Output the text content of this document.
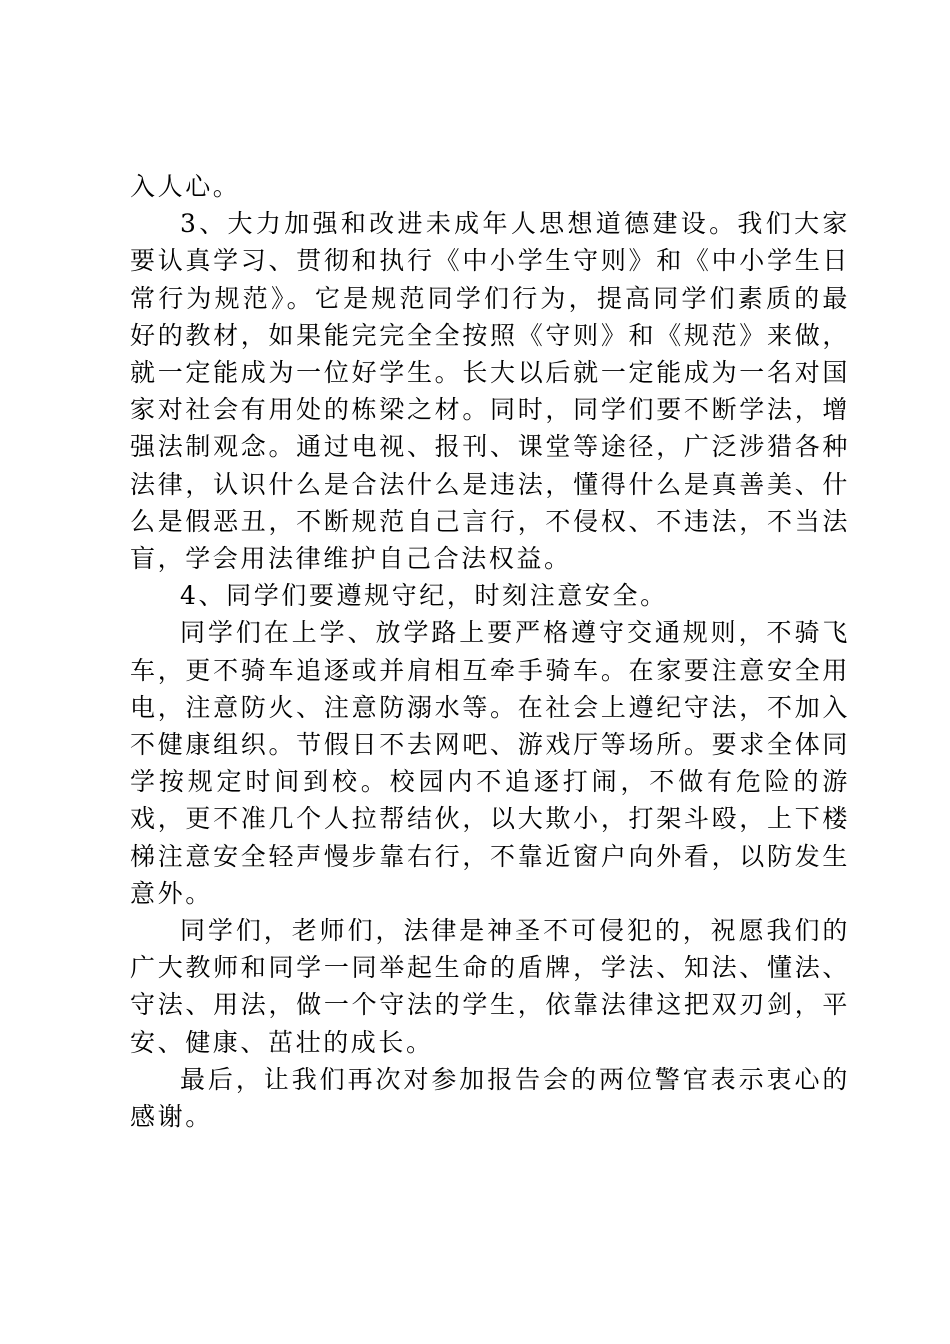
入人心。

3、大力加强和改进未成年人思想道德建设。我们大家要认真学习、贯彻和执行《中小学生守则》和《中小学生日常行为规范》。它是规范同学们行为，提高同学们素质的最好的教材，如果能完完全全按照《守则》和《规范》来做，就一定能成为一位好学生。长大以后就一定能成为一名对国家对社会有用处的栋梁之材。同时，同学们要不断学法，增强法制观念。通过电视、报刊、课堂等途径，广泛涉猎各种法律，认识什么是合法什么是违法，懂得什么是真善美、什么是假恶丑，不断规范自己言行，不侵权、不违法，不当法盲，学会用法律维护自己合法权益。

4、同学们要遵规守纪，时刻注意安全。

同学们在上学、放学路上要严格遵守交通规则，不骑飞车，更不骑车追逐或并肩相互牵手骑车。在家要注意安全用电，注意防火、注意防溺水等。在社会上遵纪守法，不加入不健康组织。节假日不去网吧、游戏厅等场所。要求全体同学按规定时间到校。校园内不追逐打闹，不做有危险的游戏，更不准几个人拉帮结伙，以大欺小，打架斗殴，上下楼梯注意安全轻声慢步靠右行，不靠近窗户向外看，以防发生意外。

同学们，老师们，法律是神圣不可侵犯的，祝愿我们的广大教师和同学一同举起生命的盾牌，学法、知法、懂法、守法、用法，做一个守法的学生，依靠法律这把双刃剑，平安、健康、茁壮的成长。

最后，让我们再次对参加报告会的两位警官表示衷心的感谢。
